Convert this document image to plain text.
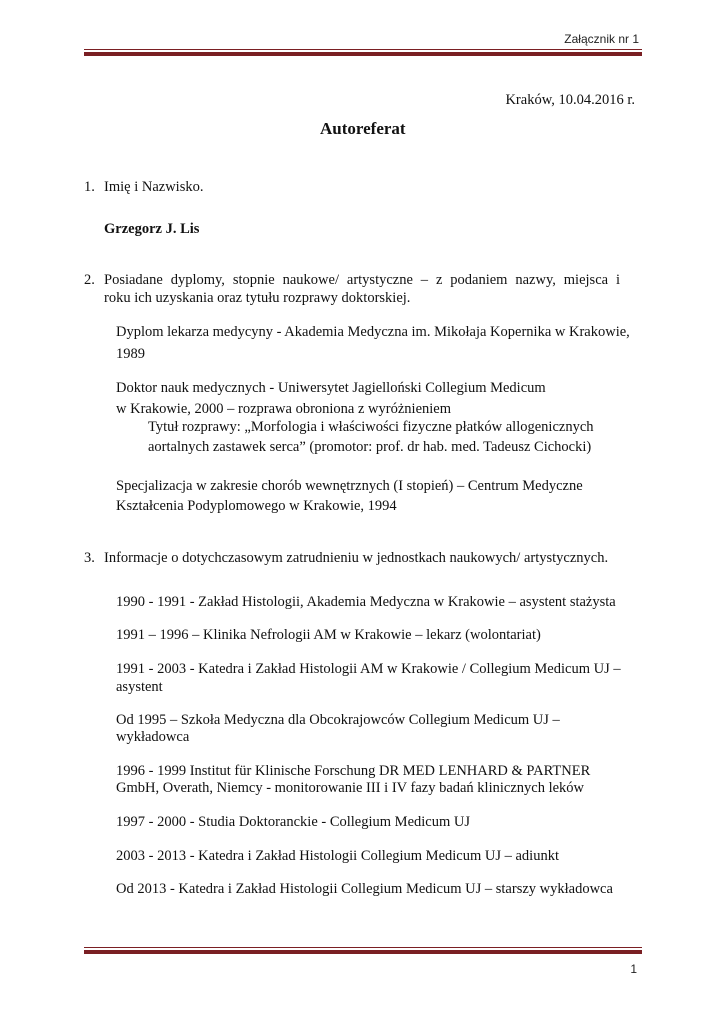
Załącznik nr 1
Kraków, 10.04.2016 r.
Autoreferat
1. Imię i Nazwisko.
Grzegorz J. Lis
2. Posiadane dyplomy, stopnie naukowe/ artystyczne – z podaniem nazwy, miejsca i
roku ich uzyskania oraz tytułu rozprawy doktorskiej.
Dyplom lekarza medycyny - Akademia Medyczna im. Mikołaja Kopernika w Krakowie,
1989
Doktor nauk medycznych - Uniwersytet Jagielloński Collegium Medicum
w Krakowie, 2000 – rozprawa obroniona z wyróżnieniem
Tytuł rozprawy: „Morfologia i właściwości fizyczne płatków allogenicznych
aortalnych zastawek serca” (promotor: prof. dr hab. med. Tadeusz Cichocki)
Specjalizacja w zakresie chorób wewnętrznych (I stopień) – Centrum Medyczne
Kształcenia Podyplomowego w Krakowie, 1994
3. Informacje o dotychczasowym zatrudnieniu w jednostkach naukowych/ artystycznych.
1990 - 1991 - Zakład Histologii, Akademia Medyczna w Krakowie – asystent stażysta
1991 – 1996 – Klinika Nefrologii AM w Krakowie – lekarz (wolontariat)
1991 - 2003 - Katedra i Zakład Histologii AM w Krakowie / Collegium Medicum UJ –
asystent
Od 1995 – Szkoła Medyczna dla Obcokrajowców Collegium Medicum UJ –
wykładowca
1996 - 1999 Institut für Klinische Forschung DR MED LENHARD & PARTNER
GmbH, Overath, Niemcy - monitorowanie III i IV fazy badań klinicznych leków
1997 - 2000 - Studia Doktoranckie - Collegium Medicum UJ
2003 - 2013 - Katedra i Zakład Histologii Collegium Medicum UJ – adiunkt
Od 2013 - Katedra i Zakład Histologii Collegium Medicum UJ – starszy wykładowca
1
